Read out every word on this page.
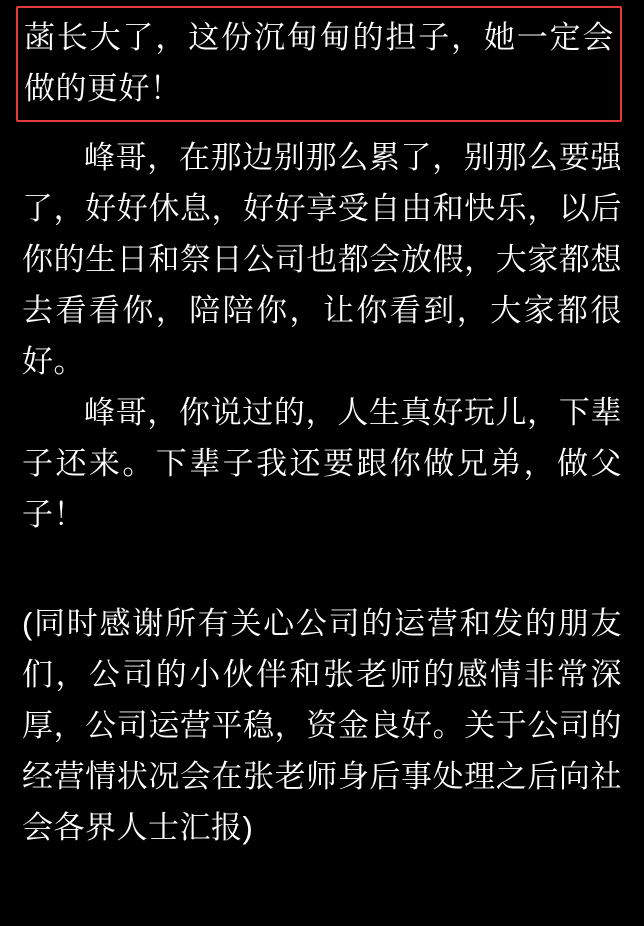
菡长大了，这份沉甸甸的担子，她一定会做的更好！

峰哥，在那边别那么累了，别那么要强了，好好休息，好好享受自由和快乐，以后你的生日和祭日公司也都会放假，大家都想去看看你，陪陪你，让你看到，大家都很好。

峰哥，你说过的，人生真好玩儿，下辈子还来。下辈子我还要跟你做兄弟，做父子！

(同时感谢所有关心公司的运营和发的朋友们，公司的小伙伴和张老师的感情非常深厚，公司运营平稳，资金良好。关于公司的经营情状况会在张老师身后事处理之后向社会各界人士汇报)
